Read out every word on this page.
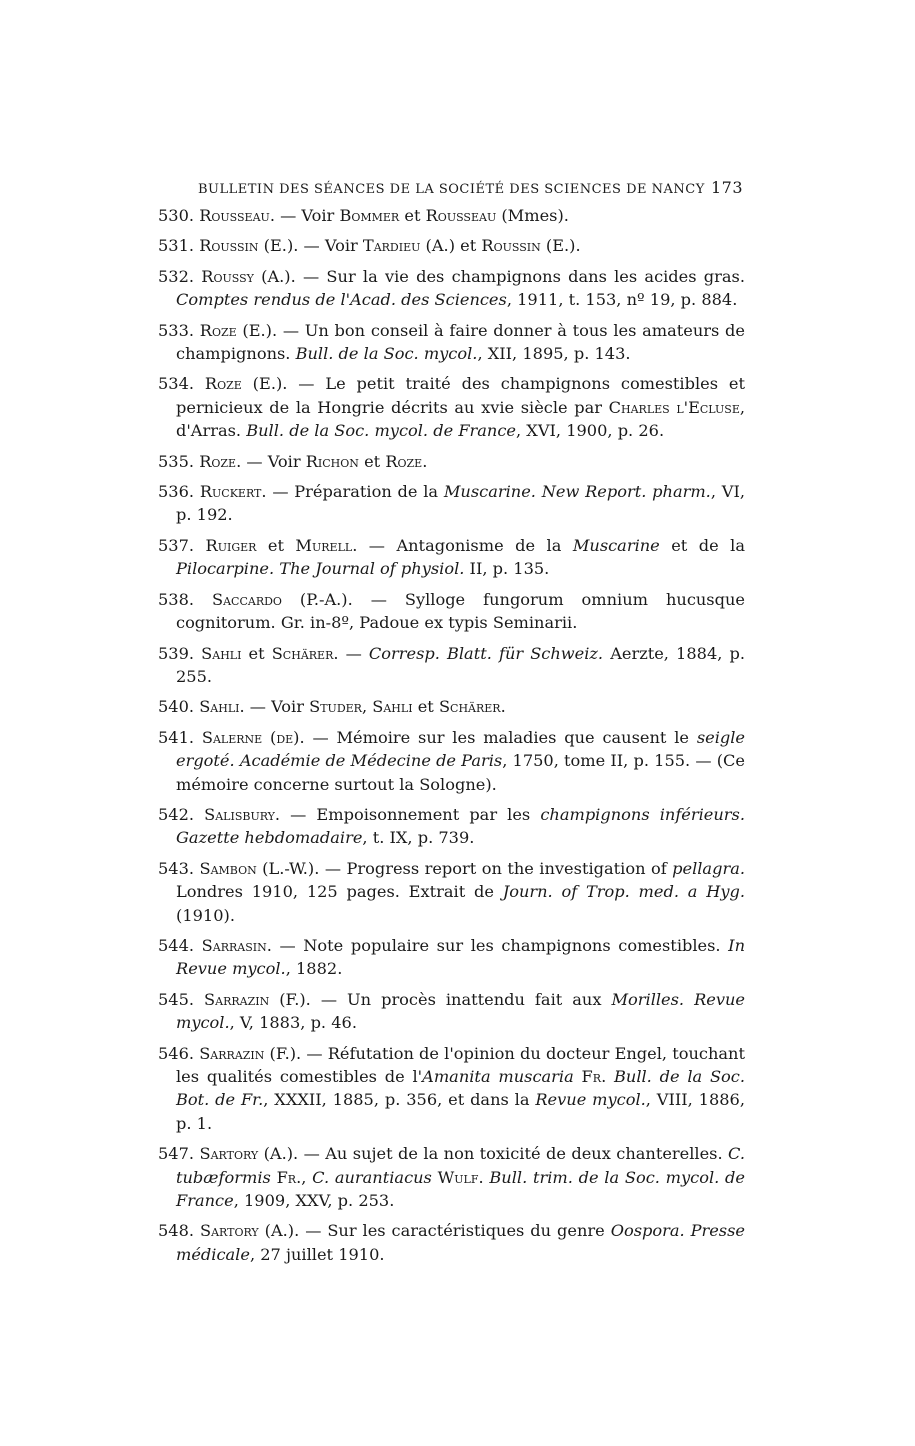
BULLETIN DES SÉANCES DE LA SOCIÉTÉ DES SCIENCES DE NANCY 173

530. Rousseau. — Voir Bommer et Rousseau (Mmes).

531. Roussin (E.). — Voir Tardieu (A.) et Roussin (E.).

532. Roussy (A.). — Sur la vie des champignons dans les acides gras. Comptes rendus de l'Acad. des Sciences, 1911, t. 153, nº 19, p. 884.

533. Roze (E.). — Un bon conseil à faire donner à tous les amateurs de champignons. Bull. de la Soc. mycol., XII, 1895, p. 143.

534. Roze (E.). — Le petit traité des champignons comestibles et pernicieux de la Hongrie décrits au xvie siècle par Charles l'Ecluse, d'Arras. Bull. de la Soc. mycol. de France, XVI, 1900, p. 26.

535. Roze. — Voir Richon et Roze.

536. Ruckert. — Préparation de la Muscarine. New Report. pharm., VI, p. 192.

537. Ruiger et Murell. — Antagonisme de la Muscarine et de la Pilocarpine. The Journal of physiol. II, p. 135.

538. Saccardo (P.-A.). — Sylloge fungorum omnium hucusque cognitorum. Gr. in-8º, Padoue ex typis Seminarii.

539. Sahli et Schärer. — Corresp. Blatt. für Schweiz. Aerzte, 1884, p. 255.

540. Sahli. — Voir Studer, Sahli et Schärer.

541. Salerne (de). — Mémoire sur les maladies que causent le seigle ergoté. Académie de Médecine de Paris, 1750, tome II, p. 155. — (Ce mémoire concerne surtout la Sologne).

542. Salisbury. — Empoisonnement par les champignons inférieurs. Gazette hebdomadaire, t. IX, p. 739.

543. Sambon (L.-W.). — Progress report on the investigation of pellagra. Londres 1910, 125 pages. Extrait de Journ. of Trop. med. a Hyg. (1910).

544. Sarrasin. — Note populaire sur les champignons comestibles. In Revue mycol., 1882.

545. Sarrazin (F.). — Un procès inattendu fait aux Morilles. Revue mycol., V, 1883, p. 46.

546. Sarrazin (F.). — Réfutation de l'opinion du docteur Engel, touchant les qualités comestibles de l'Amanita muscaria Fr. Bull. de la Soc. Bot. de Fr., XXXII, 1885, p. 356, et dans la Revue mycol., VIII, 1886, p. 1.

547. Sartory (A.). — Au sujet de la non toxicité de deux chanterelles. C. tubæformis Fr., C. aurantiacus Wulf. Bull. trim. de la Soc. mycol. de France, 1909, XXV, p. 253.

548. Sartory (A.). — Sur les caractéristiques du genre Oospora. Presse médicale, 27 juillet 1910.
